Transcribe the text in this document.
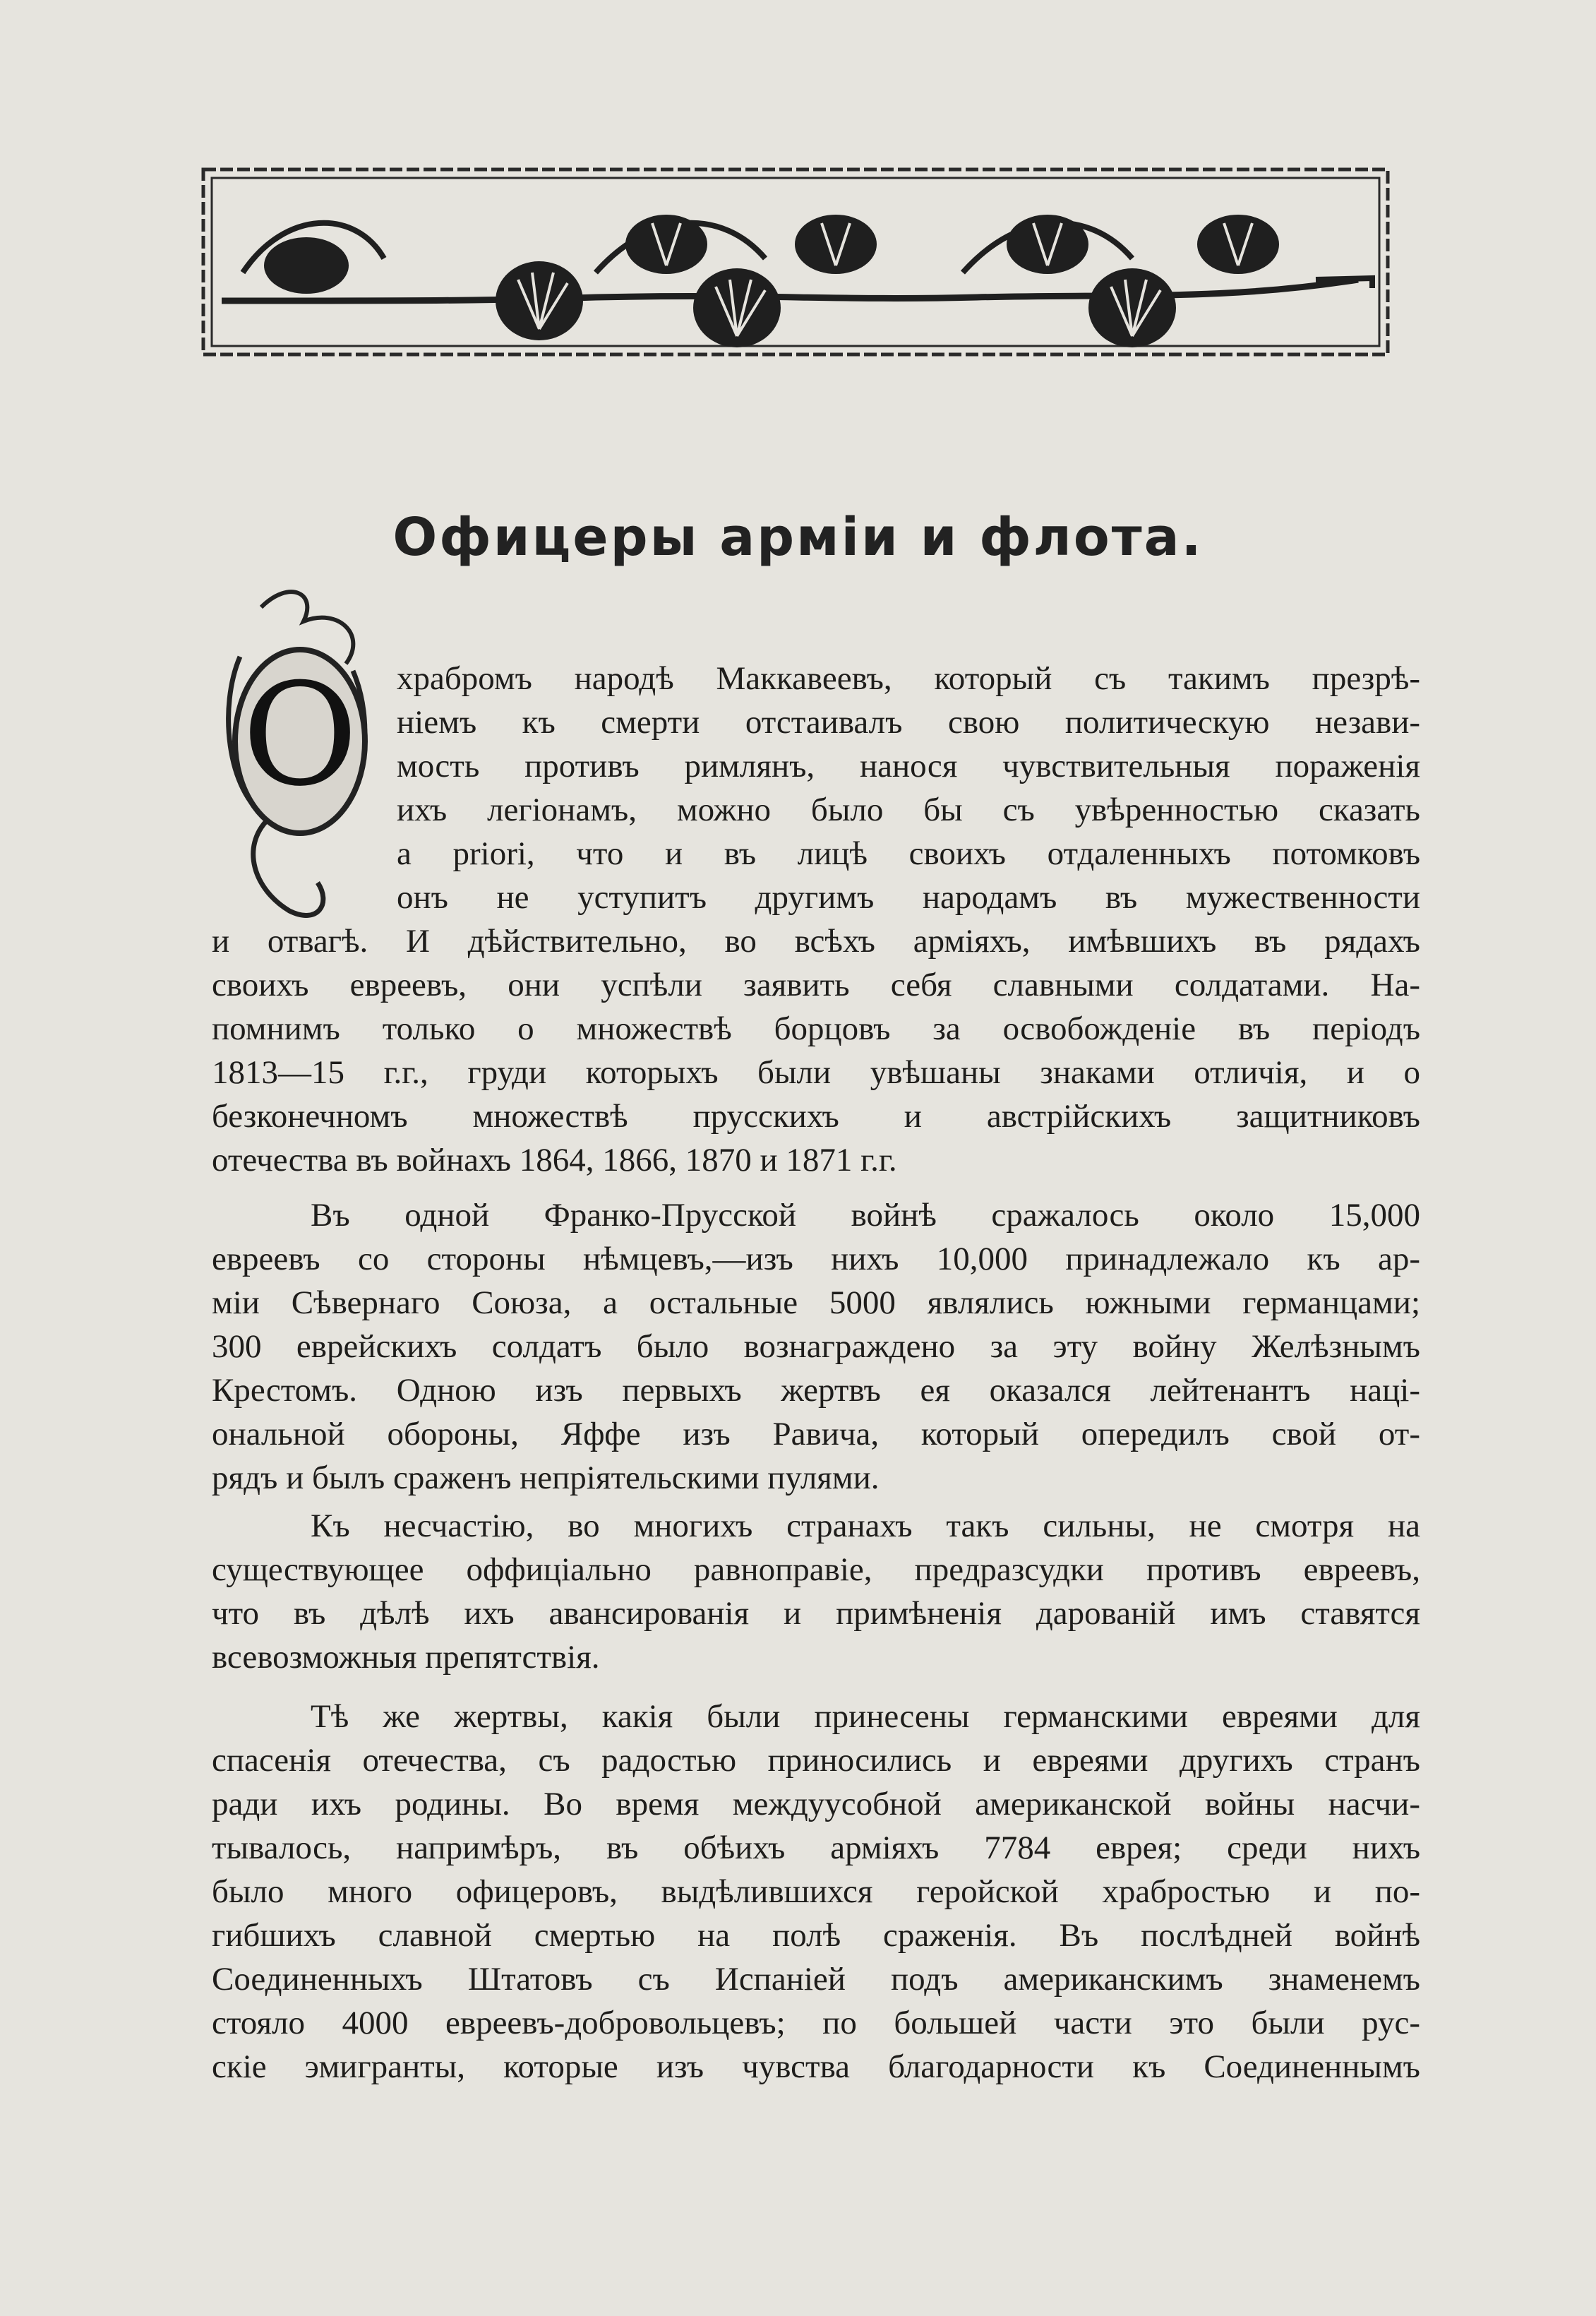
Офицеры арміи и флота.
О храбромъ народѣ Маккавеевъ, который съ такимъ презрѣ-
ніемъ къ смерти отстаивалъ свою политическую незави-
мость противъ римлянъ, нанося чувствительныя пораженія
ихъ легіонамъ, можно было бы съ увѣренностью сказать
a priori, что и въ лицѣ своихъ отдаленныхъ потомковъ
онъ не уступитъ другимъ народамъ въ мужественности
и отвагѣ. И дѣйствительно, во всѣхъ арміяхъ, имѣвшихъ въ рядахъ
своихъ евреевъ, они успѣли заявить себя славными солдатами. На-
помнимъ только о множествѣ борцовъ за освобожденіе въ періодъ
1813—15 г.г., груди которыхъ были увѣшаны знаками отличія, и о
безконечномъ множествѣ прусскихъ и австрійскихъ защитниковъ
отечества въ войнахъ 1864, 1866, 1870 и 1871 г.г.
Въ одной Франко-Прусской войнѣ сражалось около 15,000
евреевъ со стороны нѣмцевъ,—изъ нихъ 10,000 принадлежало къ ар-
міи Сѣвернаго Союза, а остальные 5000 являлись южными германцами;
300 еврейскихъ солдатъ было вознаграждено за эту войну Желѣзнымъ
Крестомъ. Одною изъ первыхъ жертвъ ея оказался лейтенантъ наці-
ональной обороны, Яффе изъ Равича, который опередилъ свой от-
рядъ и былъ сраженъ непріятельскими пулями.
Къ несчастію, во многихъ странахъ такъ сильны, не смотря на
существующее оффиціально равноправіе, предразсудки противъ евреевъ,
что въ дѣлѣ ихъ авансированія и примѣненія дарованій имъ ставятся
всевозможныя препятствія.
Тѣ же жертвы, какія были принесены германскими евреями для
спасенія отечества, съ радостью приносились и евреями другихъ странъ
ради ихъ родины. Во время междуусобной американской войны насчи-
тывалось, напримѣръ, въ обѣихъ арміяхъ 7784 еврея; среди нихъ
было много офицеровъ, выдѣлившихся геройской храбростью и по-
гибшихъ славной смертью на полѣ сраженія. Въ послѣдней войнѣ
Соединенныхъ Штатовъ съ Испаніей подъ американскимъ знаменемъ
стояло 4000 евреевъ-добровольцевъ; по большей части это были рус-
скіе эмигранты, которые изъ чувства благодарности къ Соединеннымъ
